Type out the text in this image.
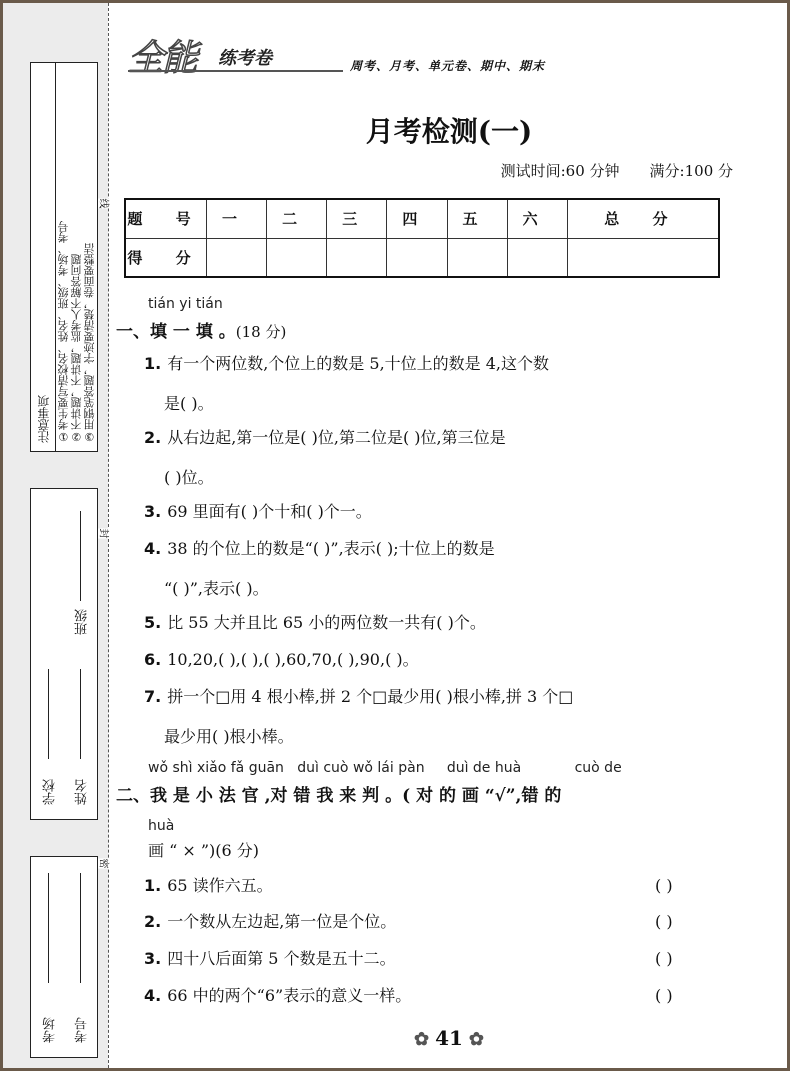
线
封
密
注意事项 ①考生要写清校名、姓名、班级、考场、考号 ②不讲题，不讲题，监考人不解答问题 ③用钢笔答题，字迹要清楚，卷面要整洁
学校
班级
姓名
考场 考号
全能 练考卷	周考、月考、单元卷、期中、期末
月考检测(一)
测试时间:60 分钟 满分:100 分
题 号	一	二	三	四	五	六	总 分
得 分							
tián yi tián
一、填 一 填 。(18 分)
1. 有一个两位数,个位上的数是 5,十位上的数是 4,这个数
是( )。
2. 从右边起,第一位是( )位,第二位是( )位,第三位是
( )位。
3. 69 里面有( )个十和( )个一。
4. 38 的个位上的数是“( )”,表示( );十位上的数是
“( )”,表示( )。
5. 比 55 大并且比 65 小的两位数一共有( )个。
6. 10,20,( ),( ),( ),60,70,( ),90,( )。
7. 拼一个□用 4 根小棒,拼 2 个□最少用( )根小棒,拼 3 个□
最少用( )根小棒。
wǒ shì xiǎo fǎ guān   duì cuò wǒ lái pàn     duì de huà            cuò de
二、我 是 小 法 官 ,对 错 我 来 判 。( 对 的 画 “√”,错 的
huà
画 “ × ”)(6 分)
1. 65 读作六五。	( )
2. 一个数从左边起,第一位是个位。	( )
3. 四十八后面第 5 个数是五十二。	( )
4. 66 中的两个“6”表示的意义一样。	( )
✿ 41 ✿
